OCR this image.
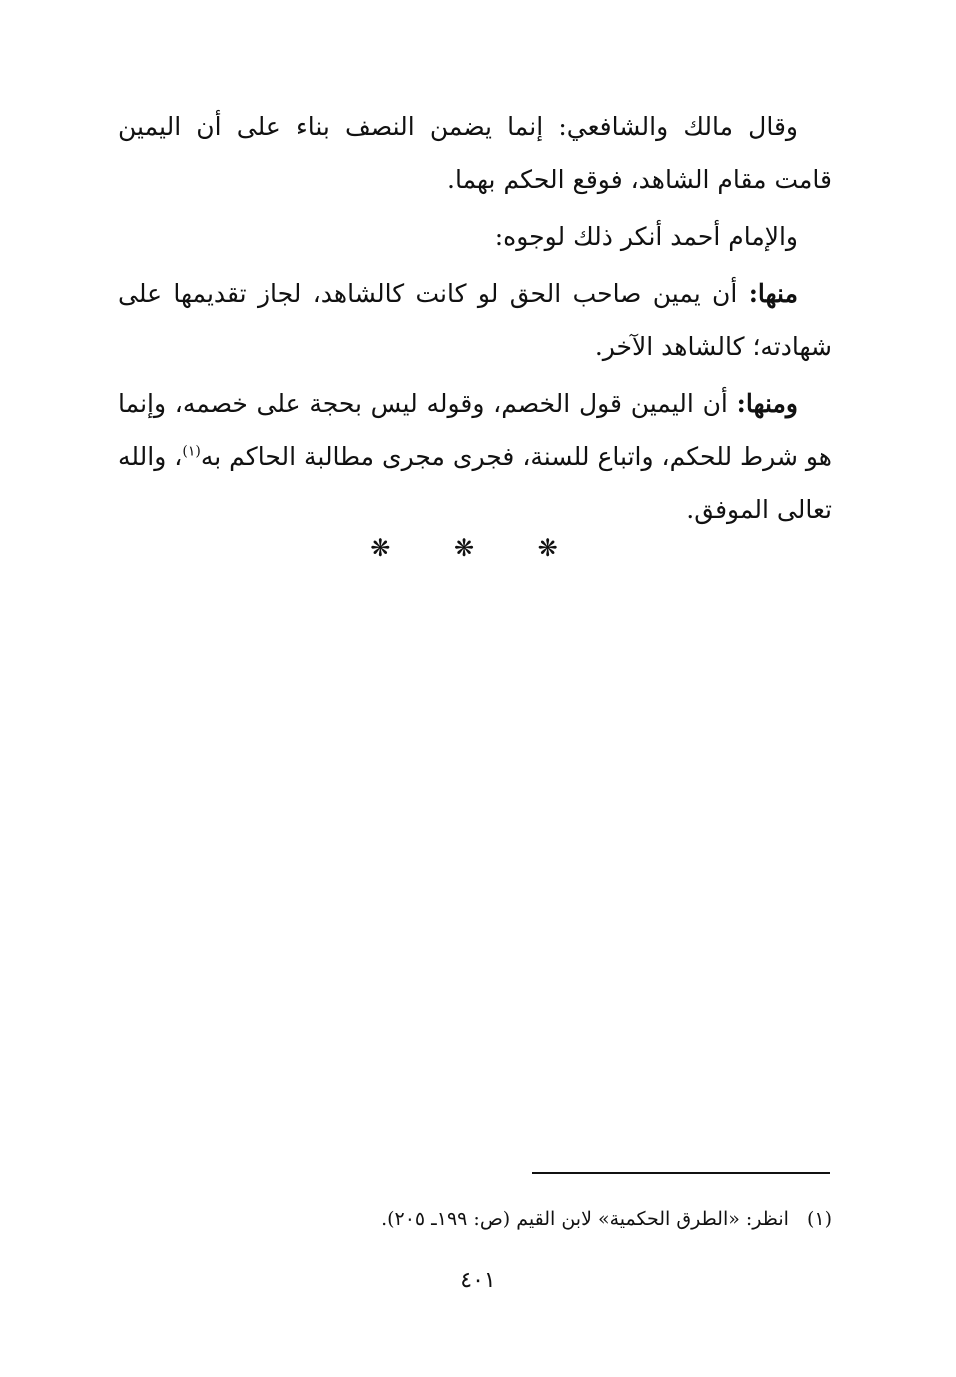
وقال مالك والشافعي: إنما يضمن النصف بناء على أن اليمين قامت مقام الشاهد، فوقع الحكم بهما.

والإمام أحمد أنكر ذلك لوجوه:

منها: أن يمين صاحب الحق لو كانت كالشاهد، لجاز تقديمها على شهادته؛ كالشاهد الآخر.

ومنها: أن اليمين قول الخصم، وقوله ليس بحجة على خصمه، وإنما هو شرط للحكم، واتباع للسنة، فجرى مجرى مطالبة الحاكم به$^{(١)}$، والله تعالى الموفق.

❋ ❋ ❋
(١)انظر: «الطرق الحكمية» لابن القيم (ص: ١٩٩ـ ٢٠٥).
٤٠١
